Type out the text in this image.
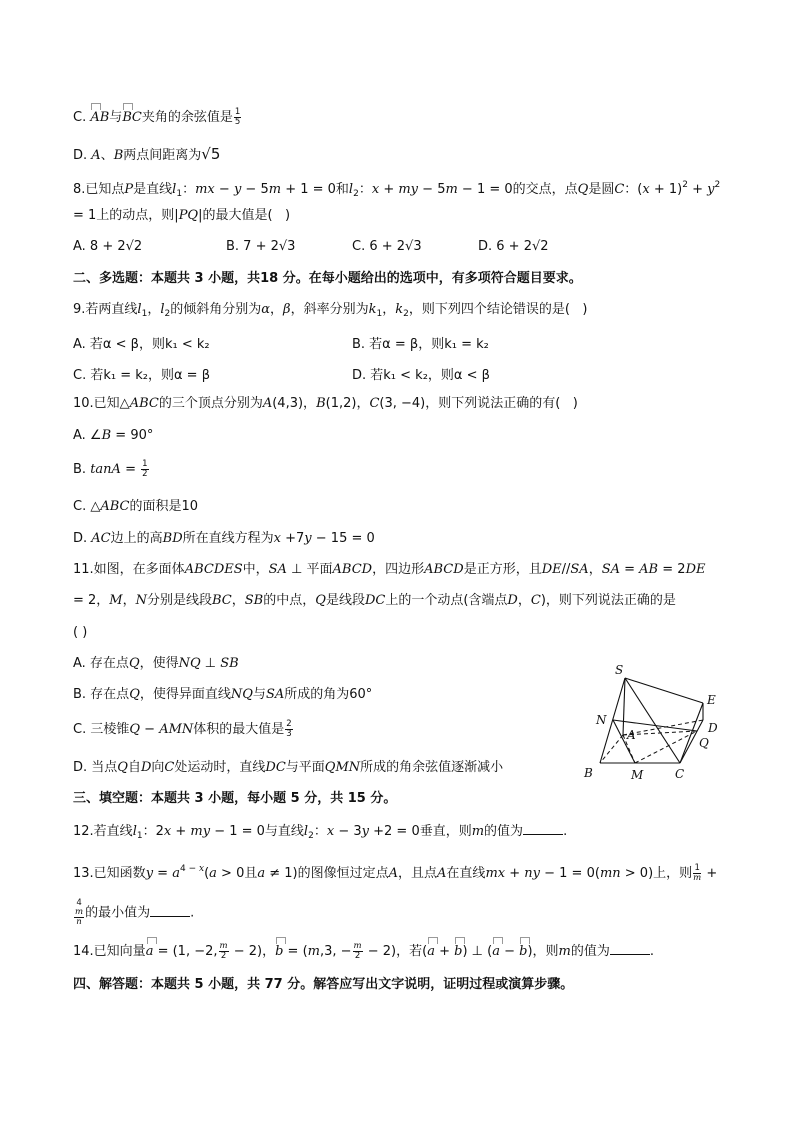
C. AB与BC夹角的余弦值是 $\frac{1}{5}$
D. A、B两点间距离为√5
8.已知点P是直线$l_1$：mx − y − 5m + 1 = 0和$l_2$：x + my − 5m − 1 = 0的交点，点Q是圆C：$(x + 1)^2 + y^2$
= 1上的动点，则|PQ|的最大值是(   )
A. 8 + 2√2	B. 7 + 2√3	C. 6 + 2√3	D. 6 + 2√2
二、多选题：本题共 3 小题，共18 分。在每小题给出的选项中，有多项符合题目要求。
9.若两直线$l_1$，$l_2$的倾斜角分别为α，β，斜率分别为$k_1$，$k_2$，则下列四个结论错误的是(   )
A. 若α < β，则k₁ < k₂	B. 若α = β，则k₁ = k₂
C. 若k₁ = k₂，则α = β	D. 若k₁ < k₂，则α < β
10.已知△ABC的三个顶点分别为A(4,3)，B(1,2)，C(3, −4)，则下列说法正确的有(   )
A. ∠B = 90°
B. $\tan A = \frac{1}{2}$
C. △ABC的面积是10
D. AC边上的高BD所在直线方程为x +7y − 15 = 0
11.如图，在多面体ABCDES中，SA ⊥ 平面ABCD，四边形ABCD是正方形，且DE//SA，SA = AB = 2DE
= 2，M，N分别是线段BC，SB的中点，Q是线段DC上的一个动点(含端点D，C)，则下列说法正确的是
( )
A. 存在点Q，使得NQ ⊥ SB
B. 存在点Q，使得异面直线NQ与SA所成的角为60°
C. 三棱锥Q − AMN体积的最大值是 $\frac{2}{3}$
D. 当点Q自D向C处运动时，直线DC与平面QMN所成的角余弦值逐渐减小
S
E
N
D
A
Q
B	M	C
三、填空题：本题共 3 小题，每小题 5 分，共 15 分。
12.若直线$l_1$：2x + my − 1 = 0与直线$l_2$：x − 3y +2 = 0垂直，则m的值为	.
13.已知函数$y = a^{4 - x}(a > 0$且a ≠ 1)的图像恒过定点A，且点A在直线mx + ny − 1 = 0(mn > 0)上，则 $\frac{1}{m}$ +
4
m
n 的最小值为	.
14.已知向量a = (1, −2, $\frac{m}{2} - 2$)，b = (m,3, − $\frac{m}{2} - 2$)，若(a + b) ⊥ (a − b)，则m的值为	.
四、解答题：本题共 5 小题，共 77 分。解答应写出文字说明，证明过程或演算步骤。
